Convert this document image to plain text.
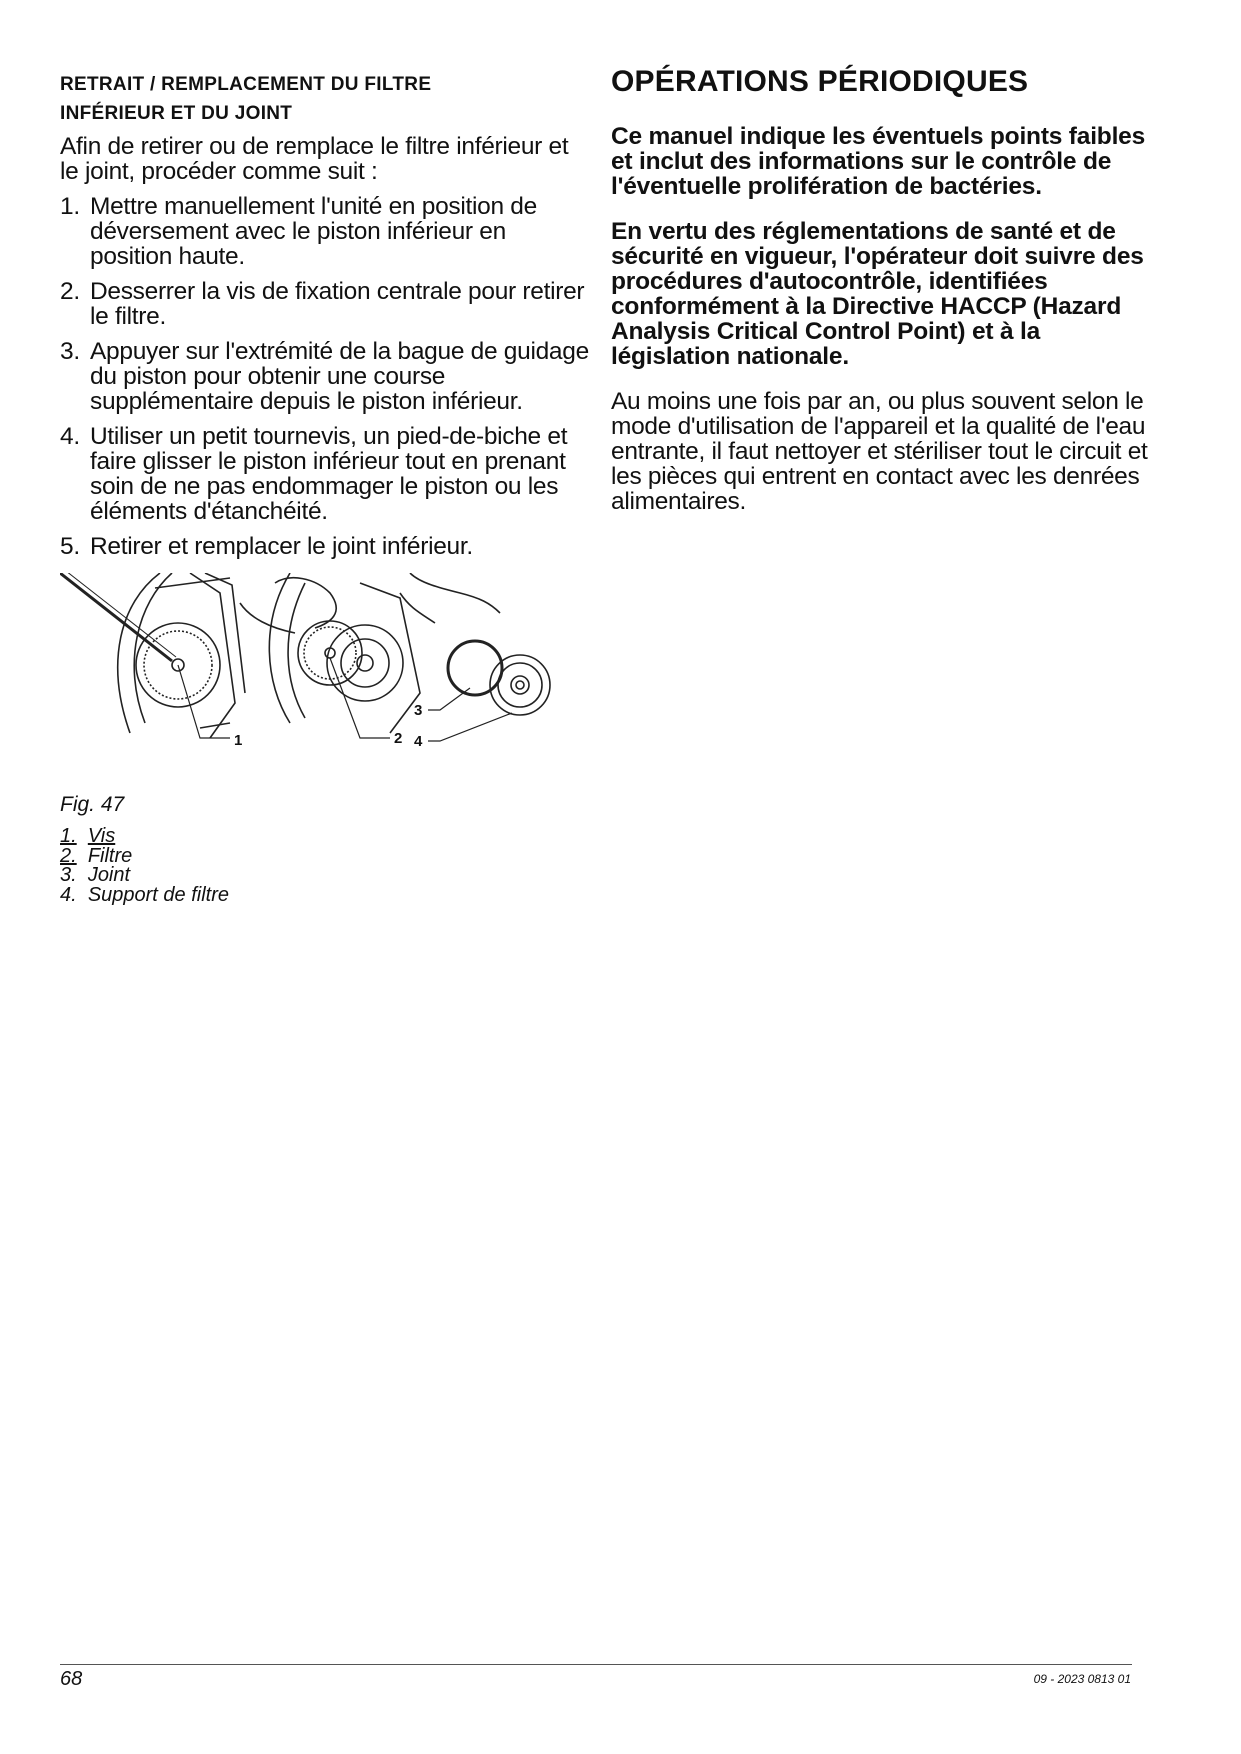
RETRAIT / REMPLACEMENT DU FILTRE
INFÉRIEUR ET DU JOINT

Afin de retirer ou de remplace le filtre inférieur et le joint, procéder comme suit :

1. Mettre manuellement l'unité en position de déversement avec le piston inférieur en position haute.
2. Desserrer la vis de fixation centrale pour retirer le filtre.
3. Appuyer sur l'extrémité de la bague de guidage du piston pour obtenir une course supplémentaire depuis le piston inférieur.
4. Utiliser un petit tournevis, un pied-de-biche et faire glisser le piston inférieur tout en prenant soin de ne pas endommager le piston ou les éléments d'étanchéité.
5. Retirer et remplacer le joint inférieur.
1	2
3
4
Fig. 47
1. Vis
2. Filtre
3. Joint
4. Support de filtre
OPÉRATIONS PÉRIODIQUES

Ce manuel indique les éventuels points faibles et inclut des informations sur le contrôle de l'éventuelle prolifération de bactéries.

En vertu des réglementations de santé et de sécurité en vigueur, l'opérateur doit suivre des procédures d'autocontrôle, identifiées conformément à la Directive HACCP (Hazard Analysis Critical Control Point) et à la législation nationale.

Au moins une fois par an, ou plus souvent selon le mode d'utilisation de l'appareil et la qualité de l'eau entrante, il faut nettoyer et stériliser tout le circuit et les pièces qui entrent en contact avec les denrées alimentaires.

68	09 - 2023 0813 01
